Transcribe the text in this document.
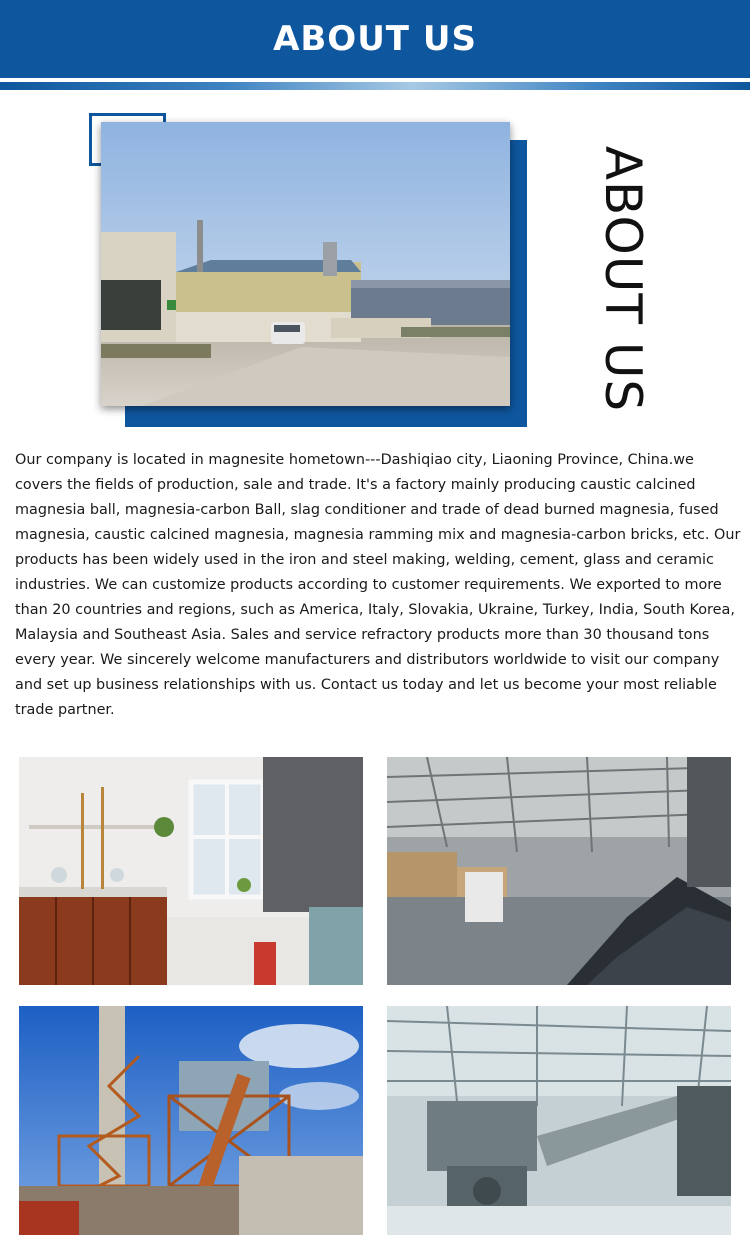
ABOUT US
ABOUT US

Our company is located in magnesite hometown---Dashiqiao city, Liaoning Province, China.we covers the fields of production, sale and trade. It's a factory mainly producing caustic calcined magnesia ball, magnesia-carbon Ball, slag conditioner and trade of dead burned magnesia, fused magnesia, caustic calcined magnesia, magnesia ramming mix and magnesia-carbon bricks, etc. Our products has been widely used in the iron and steel making, welding, cement, glass and ceramic industries. We can customize products according to customer requirements. We exported to more than 20 countries and regions, such as America, Italy, Slovakia, Ukraine, Turkey, India, South Korea, Malaysia and Southeast Asia. Sales and service refractory products more than 30 thousand tons every year. We sincerely welcome manufacturers and distributors worldwide to visit our company and set up business relationships with us. Contact us today and let us become your most reliable trade partner.
